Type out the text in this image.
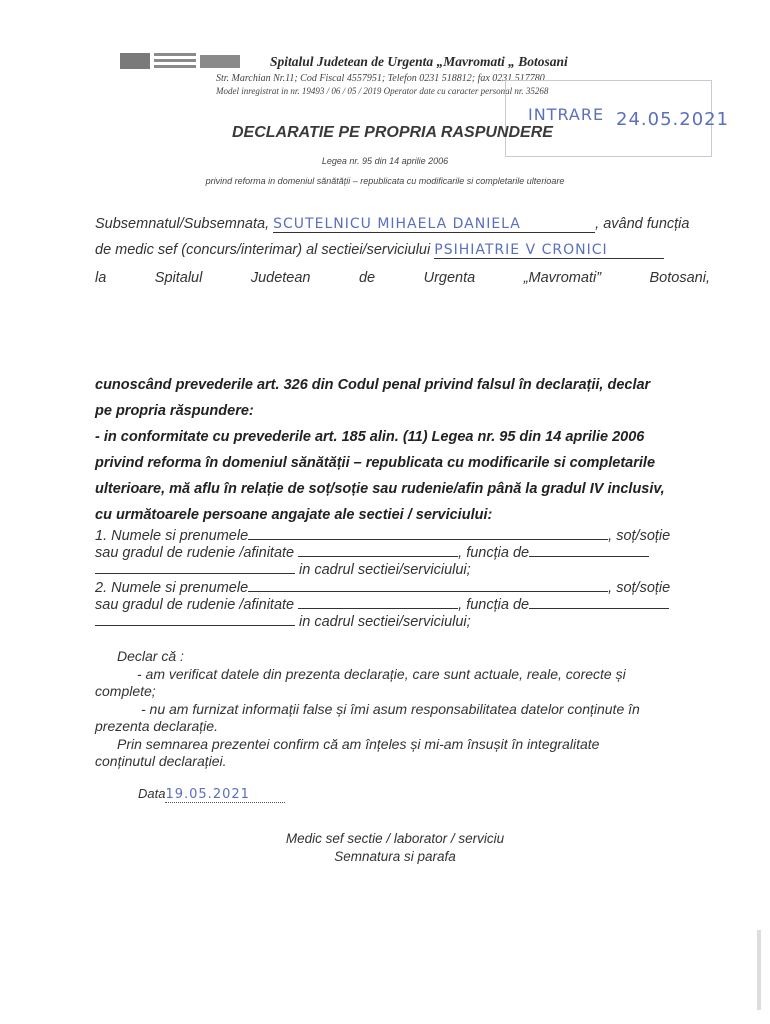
Spitalul Judetean de Urgenta „Mavromati „ Botosani
Str. Marchian Nr.11; Cod Fiscal 4557951; Telefon 0231 518812; fax 0231 517780
Model inregistrat in nr. 19493 / 06 / 05 / 2019 Operator date cu caracter personal nr. 35268
INTRARE 24.05.2021
DECLARATIE PE PROPRIA RASPUNDERE
Legea nr. 95 din 14 aprilie 2006
privind reforma in domeniul sănătății – republicata cu modificarile si completarile ulterioare
Subsemnatul/Subsemnata, SCUTELNICU MIHAELA DANIELA	, având funcția
de medic sef (concurs/interimar) al sectiei/serviciului PSIHIATRIE V CRONICI
la	Spitalul	Judetean	de	Urgenta	„Mavromati”	Botosani,
cunoscând prevederile art. 326 din Codul penal privind falsul în declarații, declar
pe propria răspundere:
- in conformitate cu prevederile art. 185 alin. (11) Legea nr. 95 din 14 aprilie 2006
privind reforma în domeniul sănătății – republicata cu modificarile si completarile
ulterioare, mă aflu în relație de soț/soție sau rudenie/afin până la gradul IV inclusiv,
cu următoarele persoane angajate ale sectiei / serviciului:
1. Numele si prenumele	, soț/soție
sau gradul de rudenie /afinitate	, funcția de
in cadrul sectiei/serviciului;
2. Numele si prenumele	, soț/soție
sau gradul de rudenie /afinitate	, funcția de
in cadrul sectiei/serviciului;
Declar că :
- am verificat datele din prezenta declarație, care sunt actuale, reale, corecte și
complete;
- nu am furnizat informații false și îmi asum responsabilitatea datelor conținute în
prezenta declarație.
Prin semnarea prezentei confirm că am înțeles și mi-am însușit în integralitate
conținutul declarației.
Data19.05.2021
Medic sef sectie / laborator / serviciu
Semnatura si parafa
